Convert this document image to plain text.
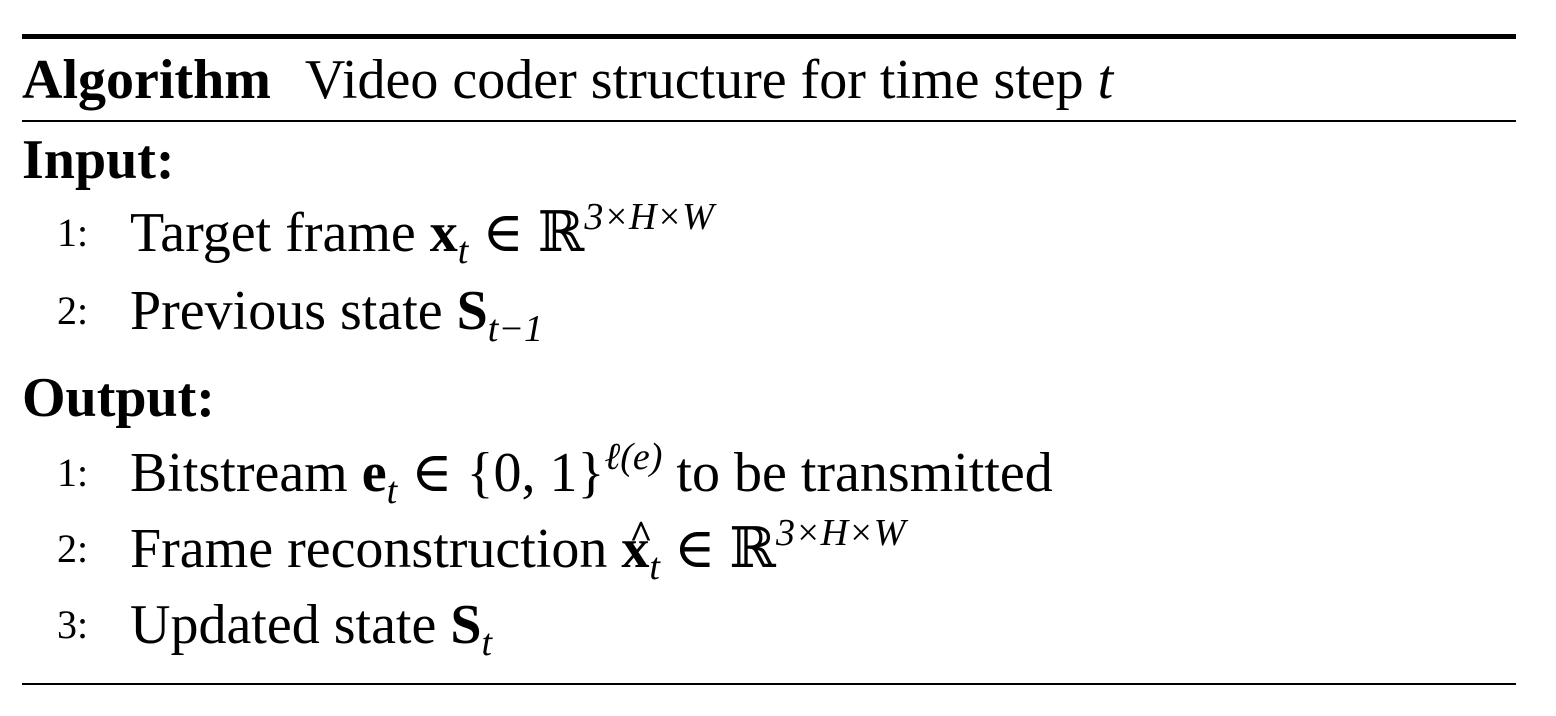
Algorithm Video coder structure for time step t
Input:
1: Target frame $x_t$ ∈ ℝ$^{3\times H\times W}$
2: Previous state $S_{t-1}$
Output:
1: Bitstream $e_t$ ∈ {0, 1}$^{\ell(e)}$ to be transmitted
2: Frame reconstruction ^ $x_t$ ∈ ℝ$^{3\times H\times W}$
3: Updated state $S_t$
